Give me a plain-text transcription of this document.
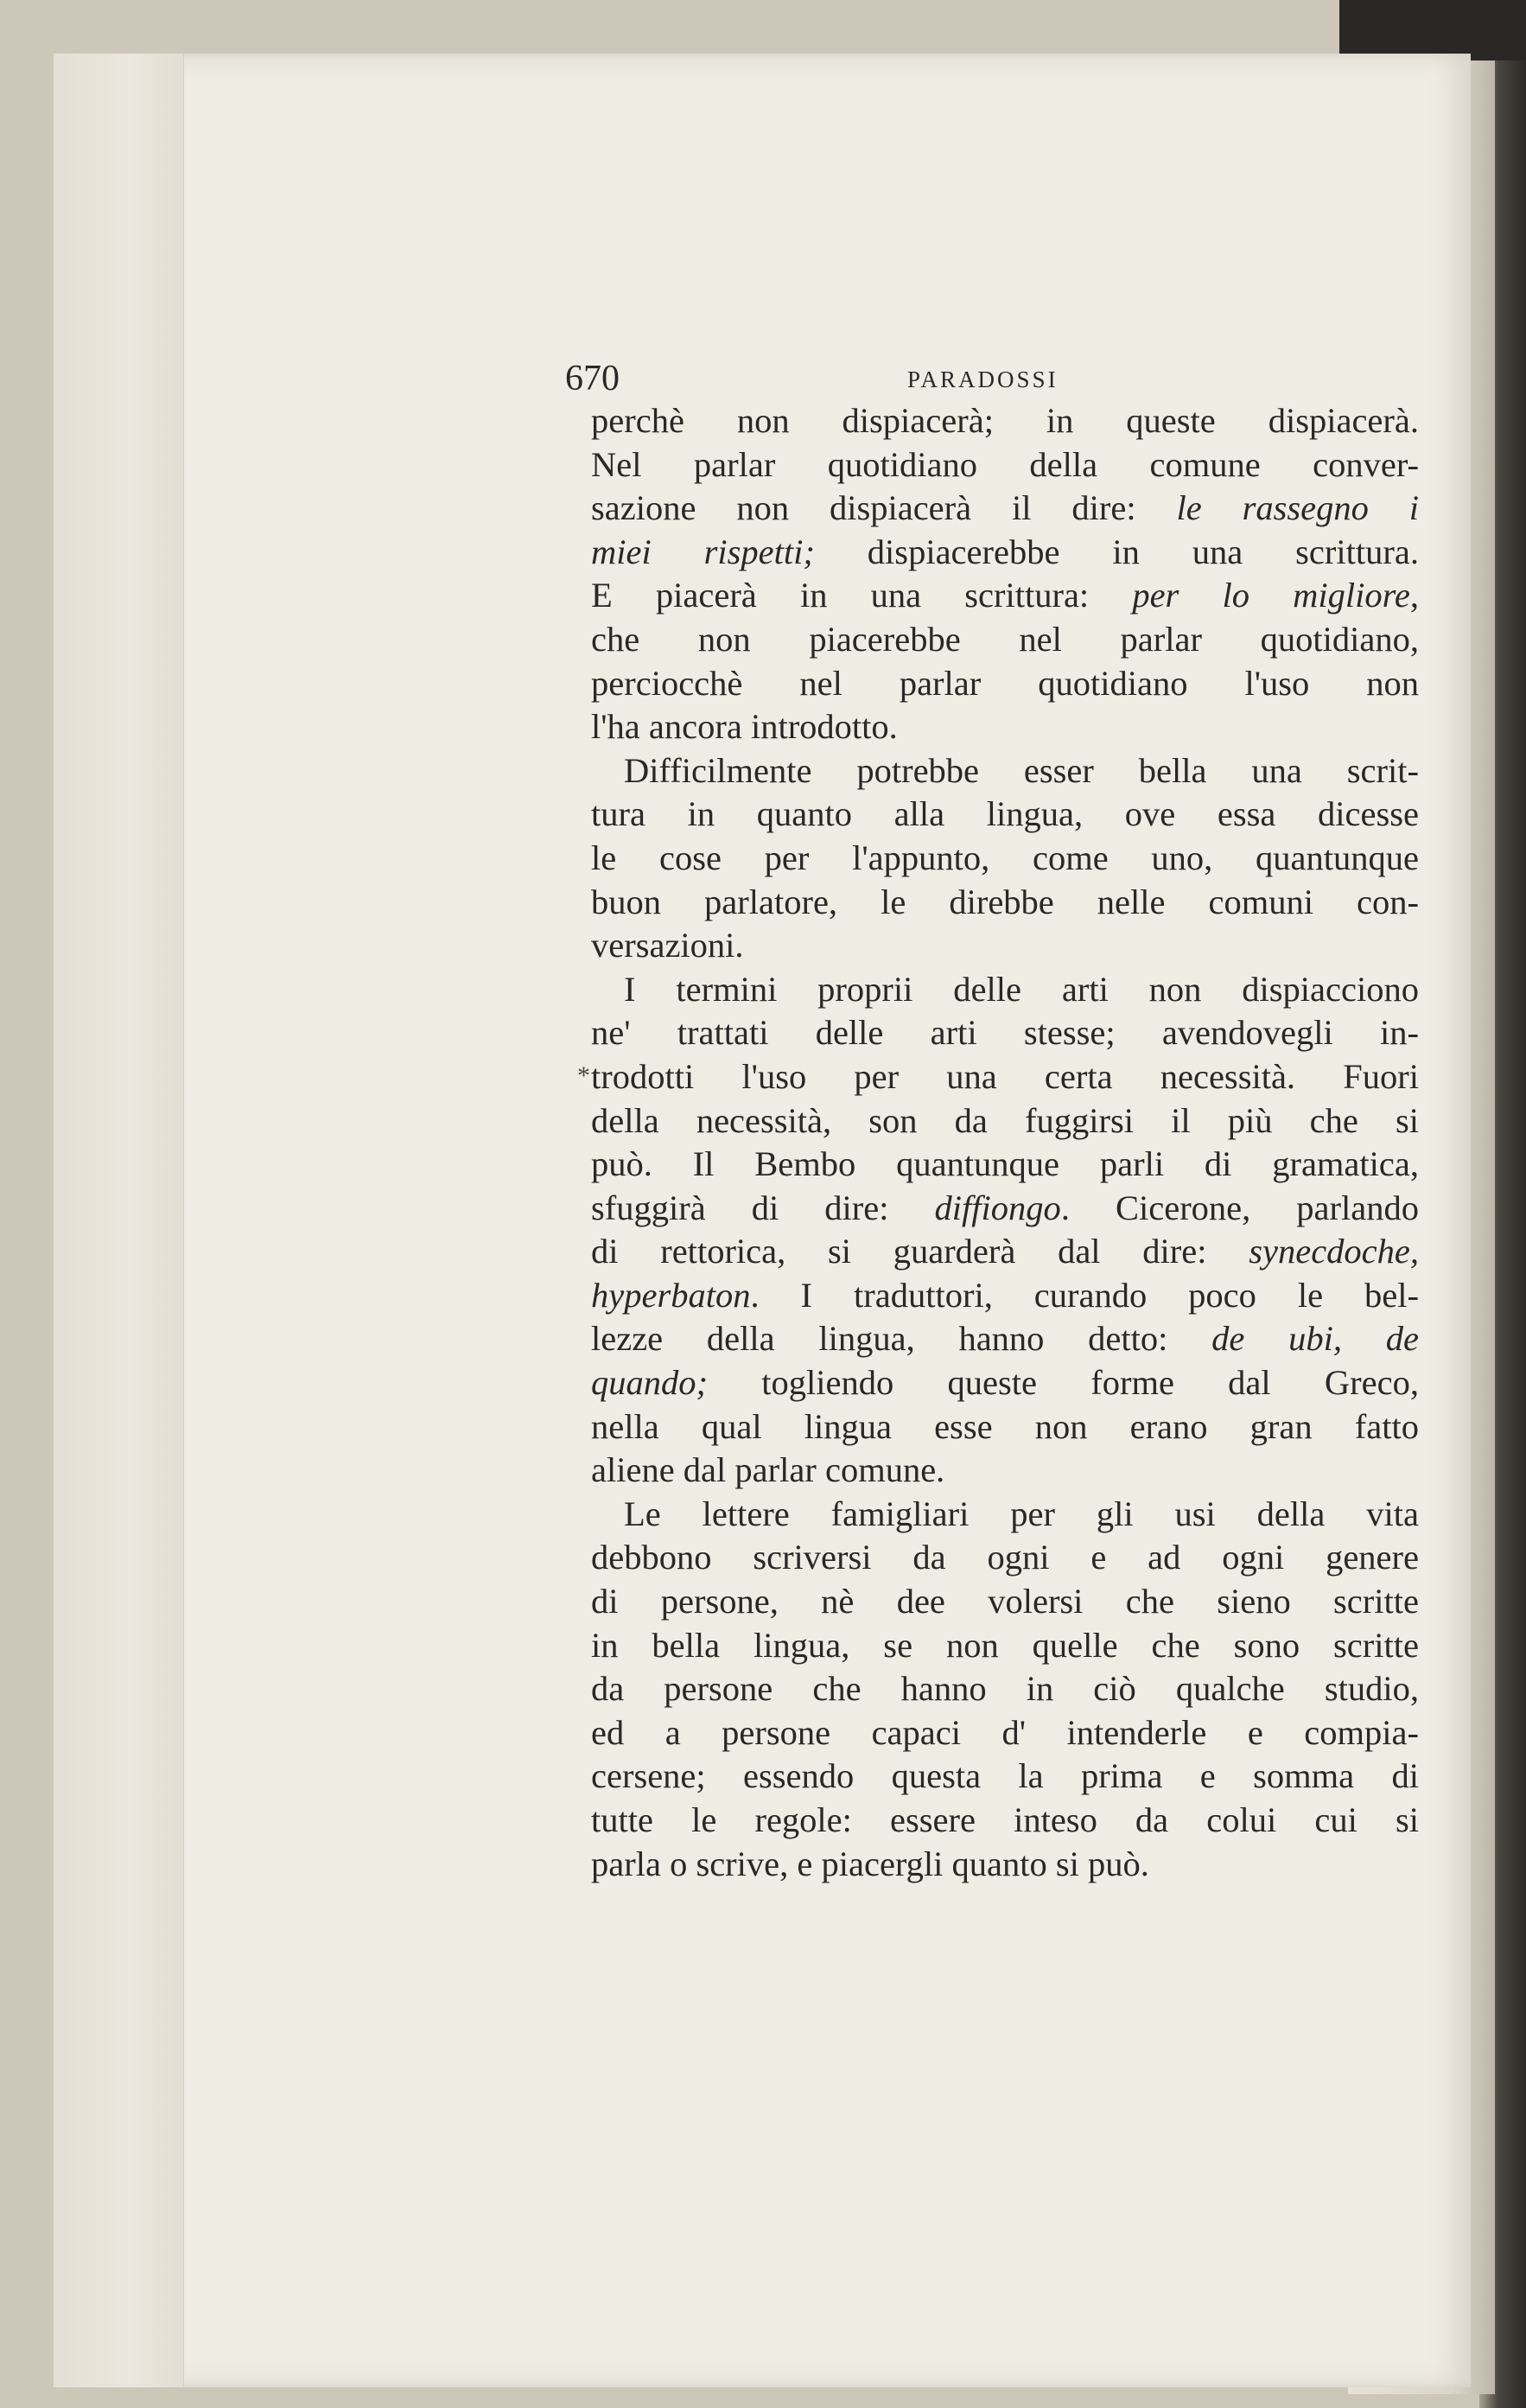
670	PARADOSSI
perchè non dispiacerà; in queste dispiacerà.
Nel parlar quotidiano della comune conver-
sazione non dispiacerà il dire: le rassegno i
miei rispetti; dispiacerebbe in una scrittura.
E piacerà in una scrittura: per lo migliore,
che non piacerebbe nel parlar quotidiano,
perciocchè nel parlar quotidiano l'uso non
l'ha ancora introdotto.
Difficilmente potrebbe esser bella una scrit-
tura in quanto alla lingua, ove essa dicesse
le cose per l'appunto, come uno, quantunque
buon parlatore, le direbbe nelle comuni con-
versazioni.
I termini proprii delle arti non dispiacciono
ne' trattati delle arti stesse; avendovegli in-
trodotti l'uso per una certa necessità. Fuori
della necessità, son da fuggirsi il più che si
può. Il Bembo quantunque parli di gramatica,
sfuggirà di dire: diffiongo. Cicerone, parlando
di rettorica, si guarderà dal dire: synecdoche,
hyperbaton. I traduttori, curando poco le bel-
lezze della lingua, hanno detto: de ubi, de
quando; togliendo queste forme dal Greco,
nella qual lingua esse non erano gran fatto
aliene dal parlar comune.
Le lettere famigliari per gli usi della vita
debbono scriversi da ogni e ad ogni genere
di persone, nè dee volersi che sieno scritte
in bella lingua, se non quelle che sono scritte
da persone che hanno in ciò qualche studio,
ed a persone capaci d' intenderle e compia-
cersene; essendo questa la prima e somma di
tutte le regole: essere inteso da colui cui si
parla o scrive, e piacergli quanto si può.
*
